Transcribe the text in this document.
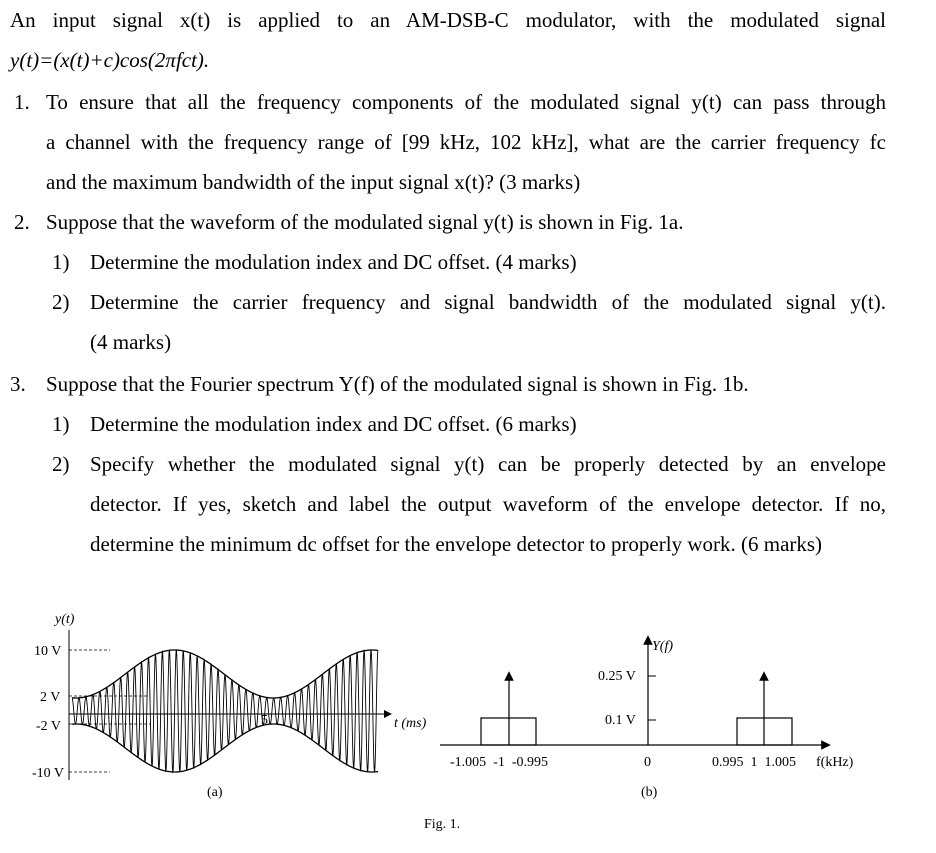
An input signal x(t) is applied to an AM-DSB-C modulator, with the modulated signal
y(t)=(x(t)+c)cos(2πfct).
1. To ensure that all the frequency components of the modulated signal y(t) can pass through
a channel with the frequency range of [99 kHz, 102 kHz], what are the carrier frequency fc
and the maximum bandwidth of the input signal x(t)? (3 marks)
2. Suppose that the waveform of the modulated signal y(t) is shown in Fig. 1a.
1) Determine the modulation index and DC offset. (4 marks)
2) Determine the carrier frequency and signal bandwidth of the modulated signal y(t).
(4 marks)
3. Suppose that the Fourier spectrum Y(f) of the modulated signal is shown in Fig. 1b.
1) Determine the modulation index and DC offset. (6 marks)
2) Specify whether the modulated signal y(t) can be properly detected by an envelope
detector. If yes, sketch and label the output waveform of the envelope detector. If no,
determine the minimum dc offset for the envelope detector to properly work. (6 marks)
y(t)
10 V
2 V
-2 V
-10 V
5	t (ms)
(a)
Y(f)
0.25 V
0.1 V
-1.005  -1  -0.995	0	0.995  1  1.005 f(kHz)
(b)
Fig. 1.
